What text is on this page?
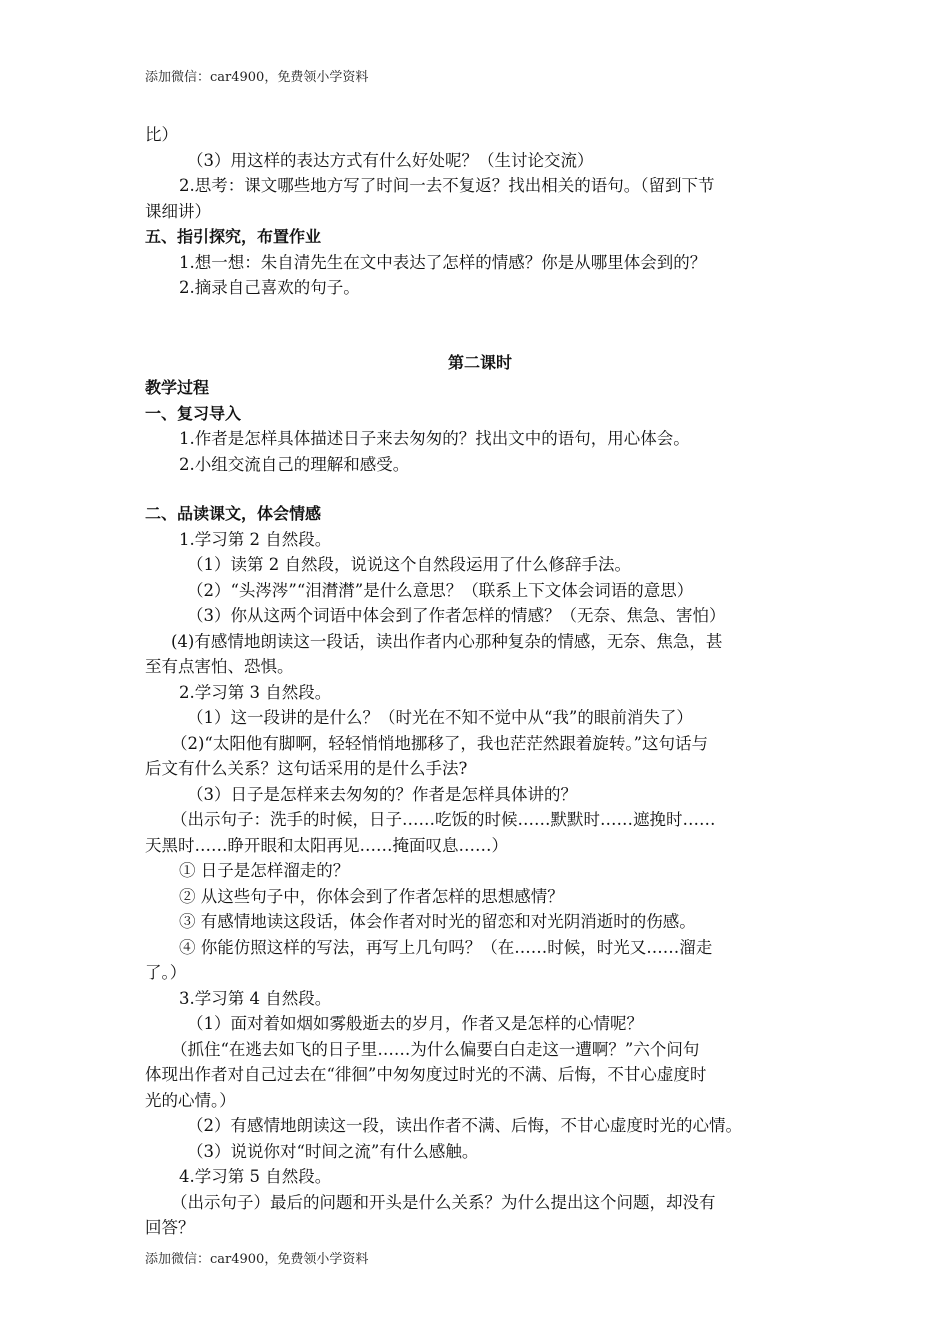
添加微信：car4900，免费领小学资料
比）
（3）用这样的表达方式有什么好处呢？（生讨论交流）
2.思考：课文哪些地方写了时间一去不复返？找出相关的语句。（留到下节
课细讲）
五、指引探究，布置作业
1.想一想：朱自清先生在文中表达了怎样的情感？你是从哪里体会到的？
2.摘录自己喜欢的句子。
第二课时
教学过程
一、复习导入
1.作者是怎样具体描述日子来去匆匆的？找出文中的语句，用心体会。
2.小组交流自己的理解和感受。
二、品读课文，体会情感
1.学习第 2 自然段。
（1）读第 2 自然段，说说这个自然段运用了什么修辞手法。
（2）“头涔涔”“泪潸潸”是什么意思？（联系上下文体会词语的意思）
（3）你从这两个词语中体会到了作者怎样的情感？（无奈、焦急、害怕）
(4)有感情地朗读这一段话，读出作者内心那种复杂的情感，无奈、焦急，甚
至有点害怕、恐惧。
2.学习第 3 自然段。
（1）这一段讲的是什么？（时光在不知不觉中从“我”的眼前消失了）
（2)“太阳他有脚啊，轻轻悄悄地挪移了，我也茫茫然跟着旋转。”这句话与
后文有什么关系？这句话采用的是什么手法?
（3）日子是怎样来去匆匆的？作者是怎样具体讲的？
（出示句子：洗手的时候，日子……吃饭的时候……默默时……遮挽时……
天黑时……睁开眼和太阳再见……掩面叹息……）
① 日子是怎样溜走的？
② 从这些句子中，你体会到了作者怎样的思想感情？
③ 有感情地读这段话，体会作者对时光的留恋和对光阴消逝时的伤感。
④ 你能仿照这样的写法，再写上几句吗？（在……时候，时光又……溜走
了。）
3.学习第 4 自然段。
（1）面对着如烟如雾般逝去的岁月，作者又是怎样的心情呢？
（抓住“在逃去如飞的日子里……为什么偏要白白走这一遭啊？”六个问句
体现出作者对自己过去在“徘徊”中匆匆度过时光的不满、后悔，不甘心虚度时
光的心情。）
（2）有感情地朗读这一段，读出作者不满、后悔，不甘心虚度时光的心情。
（3）说说你对“时间之流”有什么感触。
4.学习第 5 自然段。
（出示句子）最后的问题和开头是什么关系？为什么提出这个问题，却没有
回答？
添加微信：car4900，免费领小学资料
